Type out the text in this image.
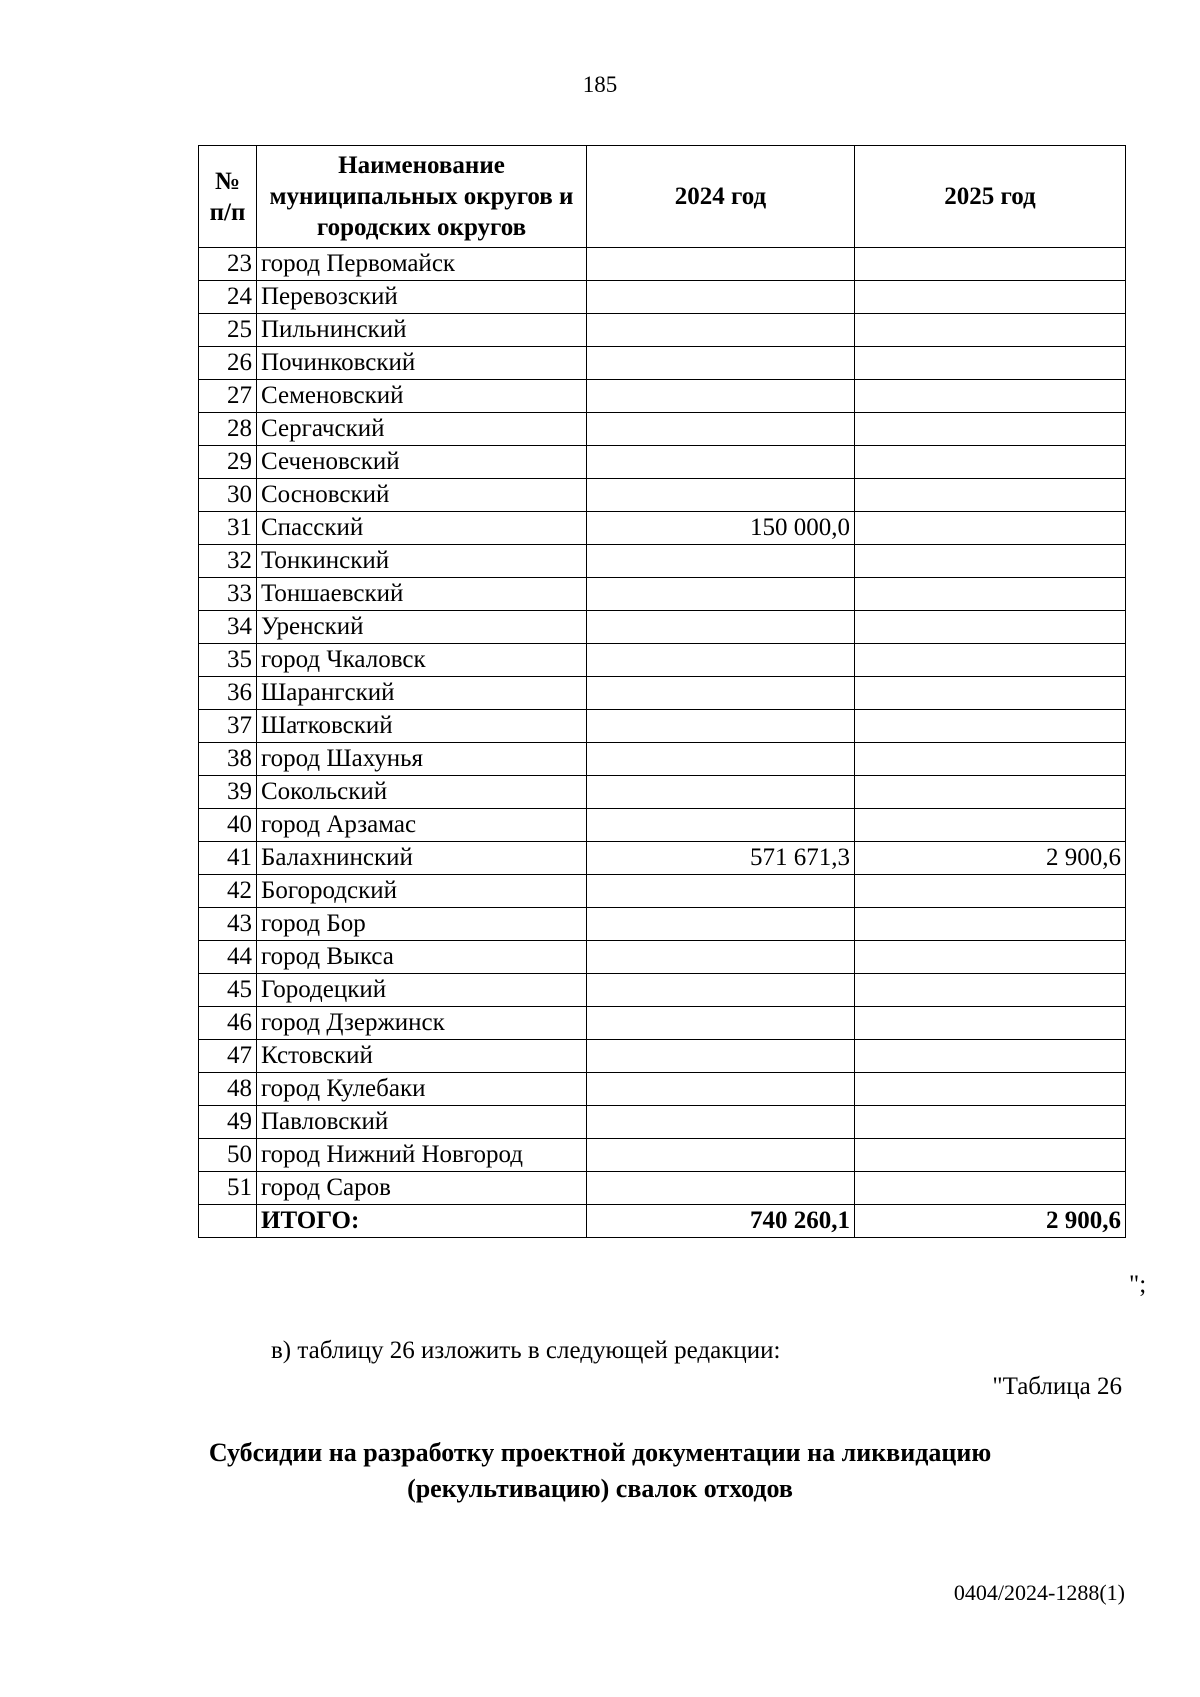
185
№ п/п	Наименование муниципальных округов и городских округов	2024 год	2025 год
23	город Первомайск		
24	Перевозский		
25	Пильнинский		
26	Починковский		
27	Семеновский		
28	Сергачский		
29	Сеченовский		
30	Сосновский		
31	Спасский	150 000,0	
32	Тонкинский		
33	Тоншаевский		
34	Уренский		
35	город Чкаловск		
36	Шарангский		
37	Шатковский		
38	город Шахунья		
39	Сокольский		
40	город Арзамас		
41	Балахнинский	571 671,3	2 900,6
42	Богородский		
43	город Бор		
44	город Выкса		
45	Городецкий		
46	город Дзержинск		
47	Кстовский		
48	город Кулебаки		
49	Павловский		
50	город Нижний Новгород		
51	город Саров		
	ИТОГО:	740 260,1	2 900,6
";
в) таблицу 26 изложить в следующей редакции:
"Таблица 26
Субсидии на разработку проектной документации на ликвидацию (рекультивацию) свалок отходов
0404/2024-1288(1)
